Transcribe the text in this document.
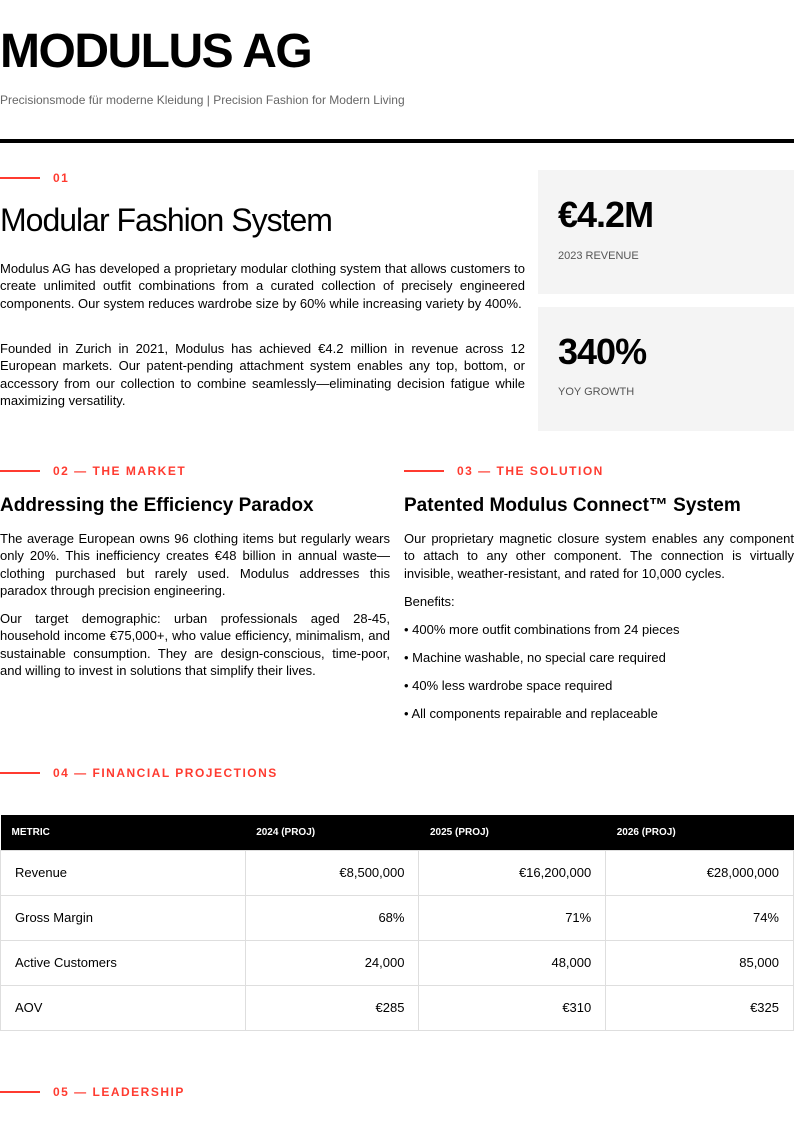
MODULUS AG
Precisionsmode für moderne Kleidung | Precision Fashion for Modern Living
01
Modular Fashion System

Modulus AG has developed a proprietary modular clothing system that allows customers to create unlimited outfit combinations from a curated collection of precisely engineered components. Our system reduces wardrobe size by 60% while increasing variety by 400%.

Founded in Zurich in 2021, Modulus has achieved €4.2 million in revenue across 12 European markets. Our patent-pending attachment system enables any top, bottom, or accessory from our collection to combine seamlessly—eliminating decision fatigue while maximizing versatility.

€4.2M
2023 REVENUE
340%
YOY GROWTH
02 — THE MARKET
Addressing the Efficiency Paradox

The average European owns 96 clothing items but regularly wears only 20%. This inefficiency creates €48 billion in annual waste—clothing purchased but rarely used. Modulus addresses this paradox through precision engineering.

Our target demographic: urban professionals aged 28-45, household income €75,000+, who value efficiency, minimalism, and sustainable consumption. They are design-conscious, time-poor, and willing to invest in solutions that simplify their lives.

03 — THE SOLUTION
Patented Modulus Connect™ System

Our proprietary magnetic closure system enables any component to attach to any other component. The connection is virtually invisible, weather-resistant, and rated for 10,000 cycles.

Benefits:
• 400% more outfit combinations from 24 pieces
• Machine washable, no special care required
• 40% less wardrobe space required
• All components repairable and replaceable
04 — FINANCIAL PROJECTIONS
METRIC	2024 (PROJ)	2025 (PROJ)	2026 (PROJ)
Revenue	€8,500,000	€16,200,000	€28,000,000
Gross Margin	68%	71%	74%
Active Customers	24,000	48,000	85,000
AOV	€285	€310	€325
05 — LEADERSHIP
